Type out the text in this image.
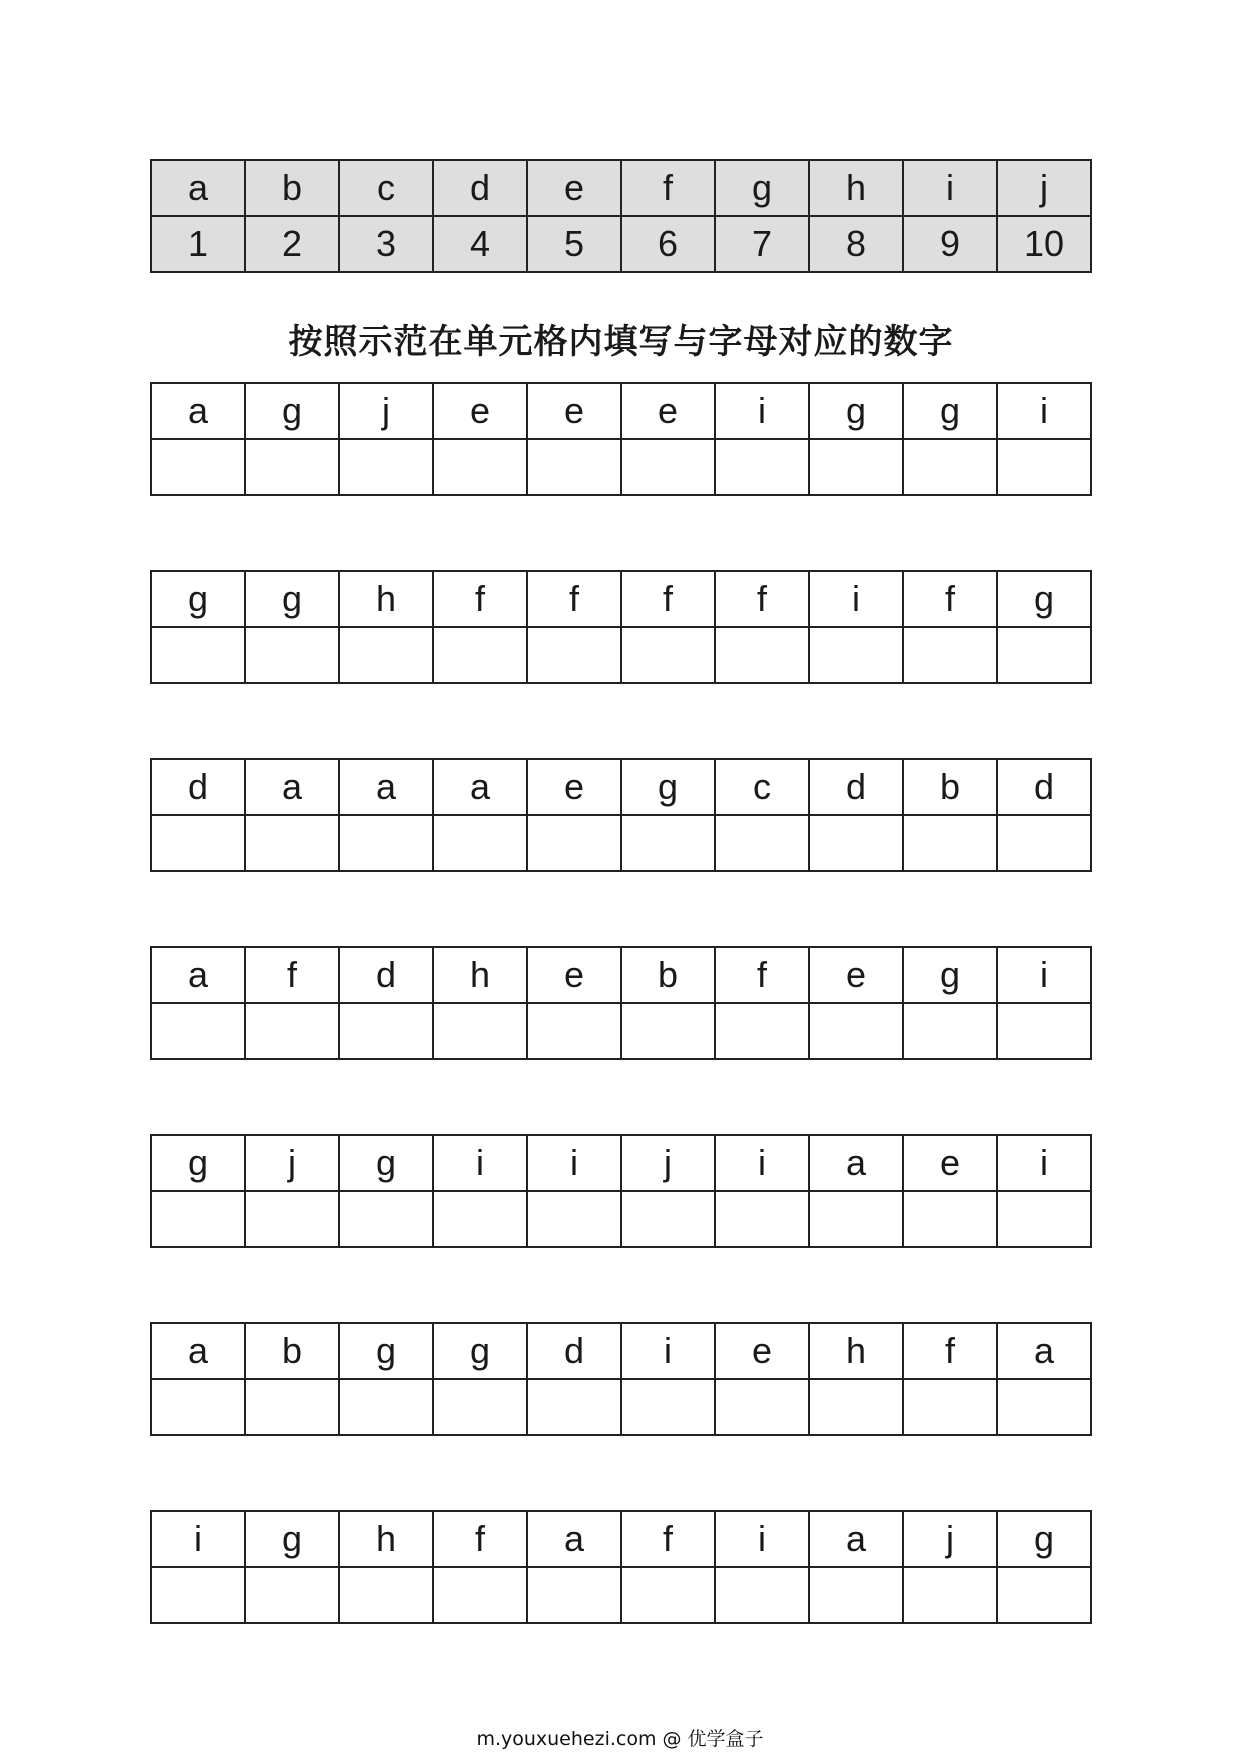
a	b	c	d	e	f	g	h	i	j
1	2	3	4	5	6	7	8	9	10
按照示范在单元格内填写与字母对应的数字
a	g	j	e	e	e	i	g	g	i

g	g	h	f	f	f	f	i	f	g

d	a	a	a	e	g	c	d	b	d

a	f	d	h	e	b	f	e	g	i

g	j	g	i	i	j	i	a	e	i

a	b	g	g	d	i	e	h	f	a

i	g	h	f	a	f	i	a	j	g

m.youxuehezi.com @ 优学盒子
